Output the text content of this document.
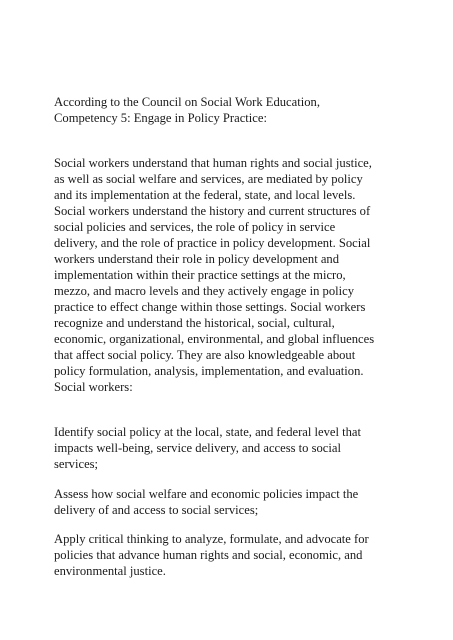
According to the Council on Social Work Education,

Competency 5: Engage in Policy Practice:

Social workers understand that human rights and social justice,

as well as social welfare and services, are mediated by policy

and its implementation at the federal, state, and local levels.

Social workers understand the history and current structures of

social policies and services, the role of policy in service

delivery, and the role of practice in policy development. Social

workers understand their role in policy development and

implementation within their practice settings at the micro,

mezzo, and macro levels and they actively engage in policy

practice to effect change within those settings. Social workers

recognize and understand the historical, social, cultural,

economic, organizational, environmental, and global influences

that affect social policy. They are also knowledgeable about

policy formulation, analysis, implementation, and evaluation.

Social workers:

Identify social policy at the local, state, and federal level that

impacts well-being, service delivery, and access to social

services;

Assess how social welfare and economic policies impact the

delivery of and access to social services;

Apply critical thinking to analyze, formulate, and advocate for

policies that advance human rights and social, economic, and

environmental justice.
